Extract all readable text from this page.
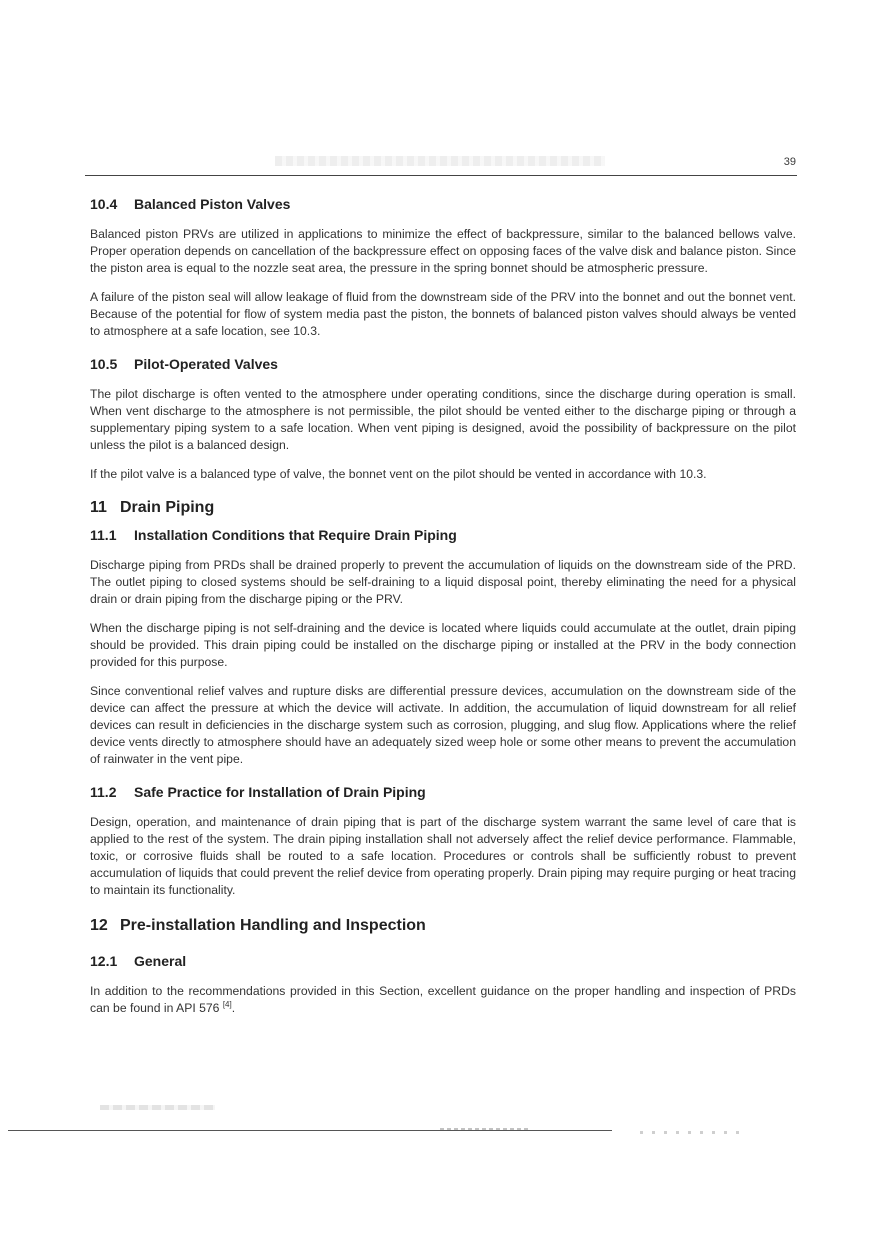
39
10.4 Balanced Piston Valves

Balanced piston PRVs are utilized in applications to minimize the effect of backpressure, similar to the balanced bellows valve. Proper operation depends on cancellation of the backpressure effect on opposing faces of the valve disk and balance piston. Since the piston area is equal to the nozzle seat area, the pressure in the spring bonnet should be atmospheric pressure.

A failure of the piston seal will allow leakage of fluid from the downstream side of the PRV into the bonnet and out the bonnet vent. Because of the potential for flow of system media past the piston, the bonnets of balanced piston valves should always be vented to atmosphere at a safe location, see 10.3.

10.5 Pilot-Operated Valves

The pilot discharge is often vented to the atmosphere under operating conditions, since the discharge during operation is small. When vent discharge to the atmosphere is not permissible, the pilot should be vented either to the discharge piping or through a supplementary piping system to a safe location. When vent piping is designed, avoid the possibility of backpressure on the pilot unless the pilot is a balanced design.

If the pilot valve is a balanced type of valve, the bonnet vent on the pilot should be vented in accordance with 10.3.

11 Drain Piping
11.1 Installation Conditions that Require Drain Piping

Discharge piping from PRDs shall be drained properly to prevent the accumulation of liquids on the downstream side of the PRD. The outlet piping to closed systems should be self-draining to a liquid disposal point, thereby eliminating the need for a physical drain or drain piping from the discharge piping or the PRV.

When the discharge piping is not self-draining and the device is located where liquids could accumulate at the outlet, drain piping should be provided. This drain piping could be installed on the discharge piping or installed at the PRV in the body connection provided for this purpose.

Since conventional relief valves and rupture disks are differential pressure devices, accumulation on the downstream side of the device can affect the pressure at which the device will activate. In addition, the accumulation of liquid downstream for all relief devices can result in deficiencies in the discharge system such as corrosion, plugging, and slug flow. Applications where the relief device vents directly to atmosphere should have an adequately sized weep hole or some other means to prevent the accumulation of rainwater in the vent pipe.

11.2 Safe Practice for Installation of Drain Piping

Design, operation, and maintenance of drain piping that is part of the discharge system warrant the same level of care that is applied to the rest of the system. The drain piping installation shall not adversely affect the relief device performance. Flammable, toxic, or corrosive fluids shall be routed to a safe location. Procedures or controls shall be sufficiently robust to prevent accumulation of liquids that could prevent the relief device from operating properly. Drain piping may require purging or heat tracing to maintain its functionality.

12 Pre-installation Handling and Inspection
12.1 General

In addition to the recommendations provided in this Section, excellent guidance on the proper handling and inspection of PRDs can be found in API 576 [4].
